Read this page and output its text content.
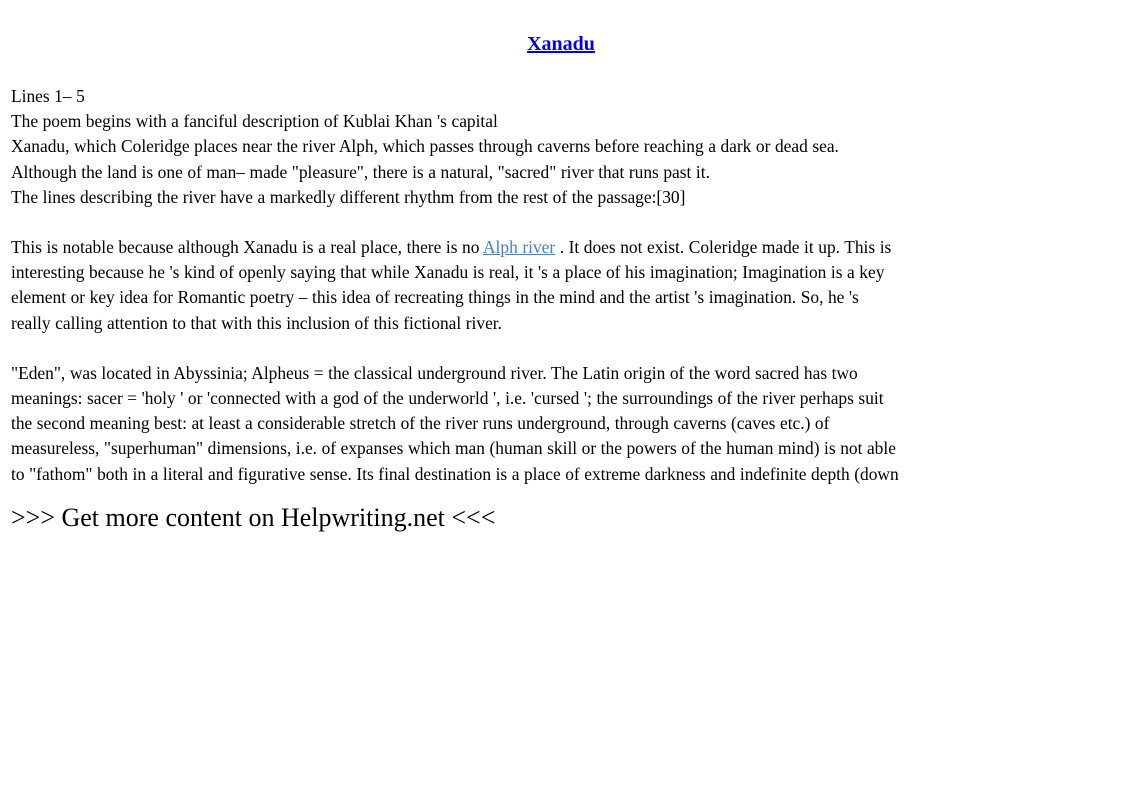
Xanadu
Lines 1– 5
The poem begins with a fanciful description of Kublai Khan 's capital
Xanadu, which Coleridge places near the river Alph, which passes through caverns before reaching a dark or dead sea.
Although the land is one of man– made "pleasure", there is a natural, "sacred" river that runs past it.
The lines describing the river have a markedly different rhythm from the rest of the passage:[30]
This is notable because although Xanadu is a real place, there is no Alph river . It does not exist. Coleridge made it up. This is
interesting because he 's kind of openly saying that while Xanadu is real, it 's a place of his imagination; Imagination is a key
element or key idea for Romantic poetry – this idea of recreating things in the mind and the artist 's imagination. So, he 's
really calling attention to that with this inclusion of this fictional river.
"Eden", was located in Abyssinia; Alpheus = the classical underground river. The Latin origin of the word sacred has two
meanings: sacer = 'holy ' or 'connected with a god of the underworld ', i.e. 'cursed '; the surroundings of the river perhaps suit
the second meaning best: at least a considerable stretch of the river runs underground, through caverns (caves etc.) of
measureless, "superhuman" dimensions, i.e. of expanses which man (human skill or the powers of the human mind) is not able
to "fathom" both in a literal and figurative sense. Its final destination is a place of extreme darkness and indefinite depth (down
>>> Get more content on Helpwriting.net <<<
